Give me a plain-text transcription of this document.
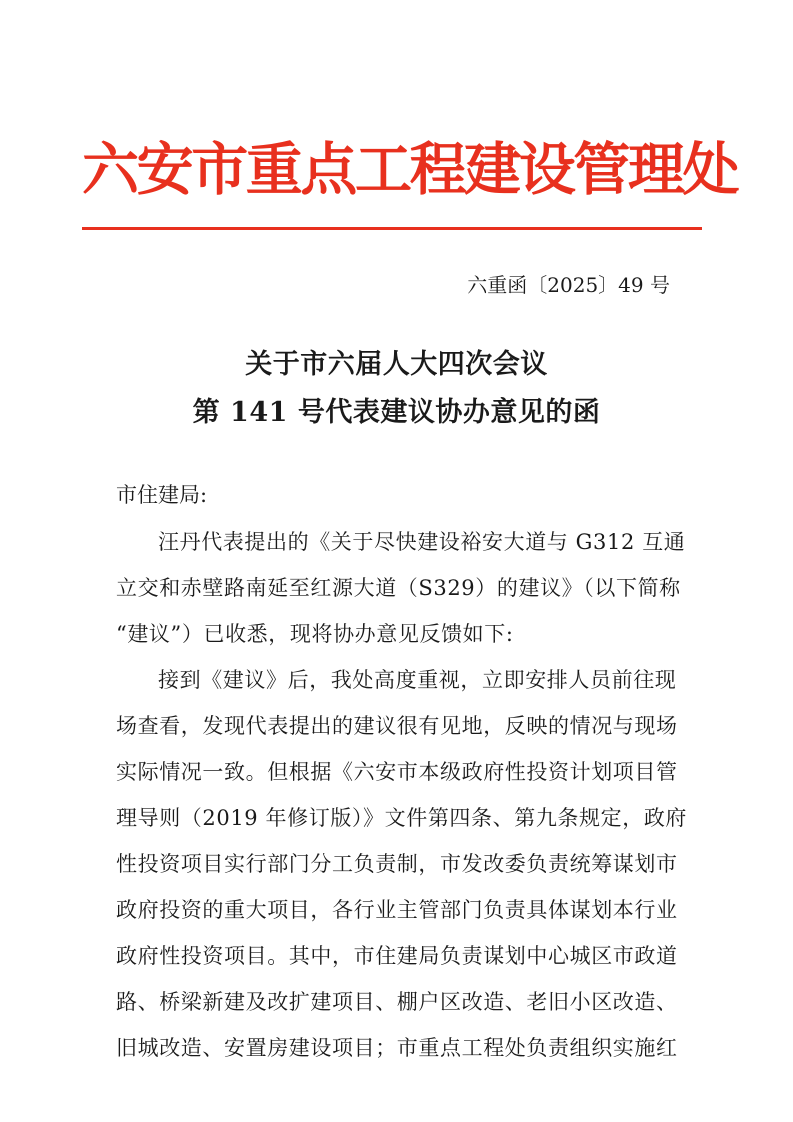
六安市重点工程建设管理处
六重函〔2025〕49 号
关于市六届人大四次会议
第 141 号代表建议协办意见的函
市住建局:
汪丹代表提出的《关于尽快建设裕安大道与 G312 互通
立交和赤壁路南延至红源大道（S329）的建议》（以下简称
“建议”）已收悉，现将协办意见反馈如下:
接到《建议》后，我处高度重视，立即安排人员前往现
场查看，发现代表提出的建议很有见地，反映的情况与现场
实际情况一致。但根据《六安市本级政府性投资计划项目管
理导则（2019 年修订版）》文件第四条、第九条规定，政府
性投资项目实行部门分工负责制，市发改委负责统筹谋划市
政府投资的重大项目，各行业主管部门负责具体谋划本行业
政府性投资项目。其中，市住建局负责谋划中心城区市政道
路、桥梁新建及改扩建项目、棚户区改造、老旧小区改造、
旧城改造、安置房建设项目；市重点工程处负责组织实施红
